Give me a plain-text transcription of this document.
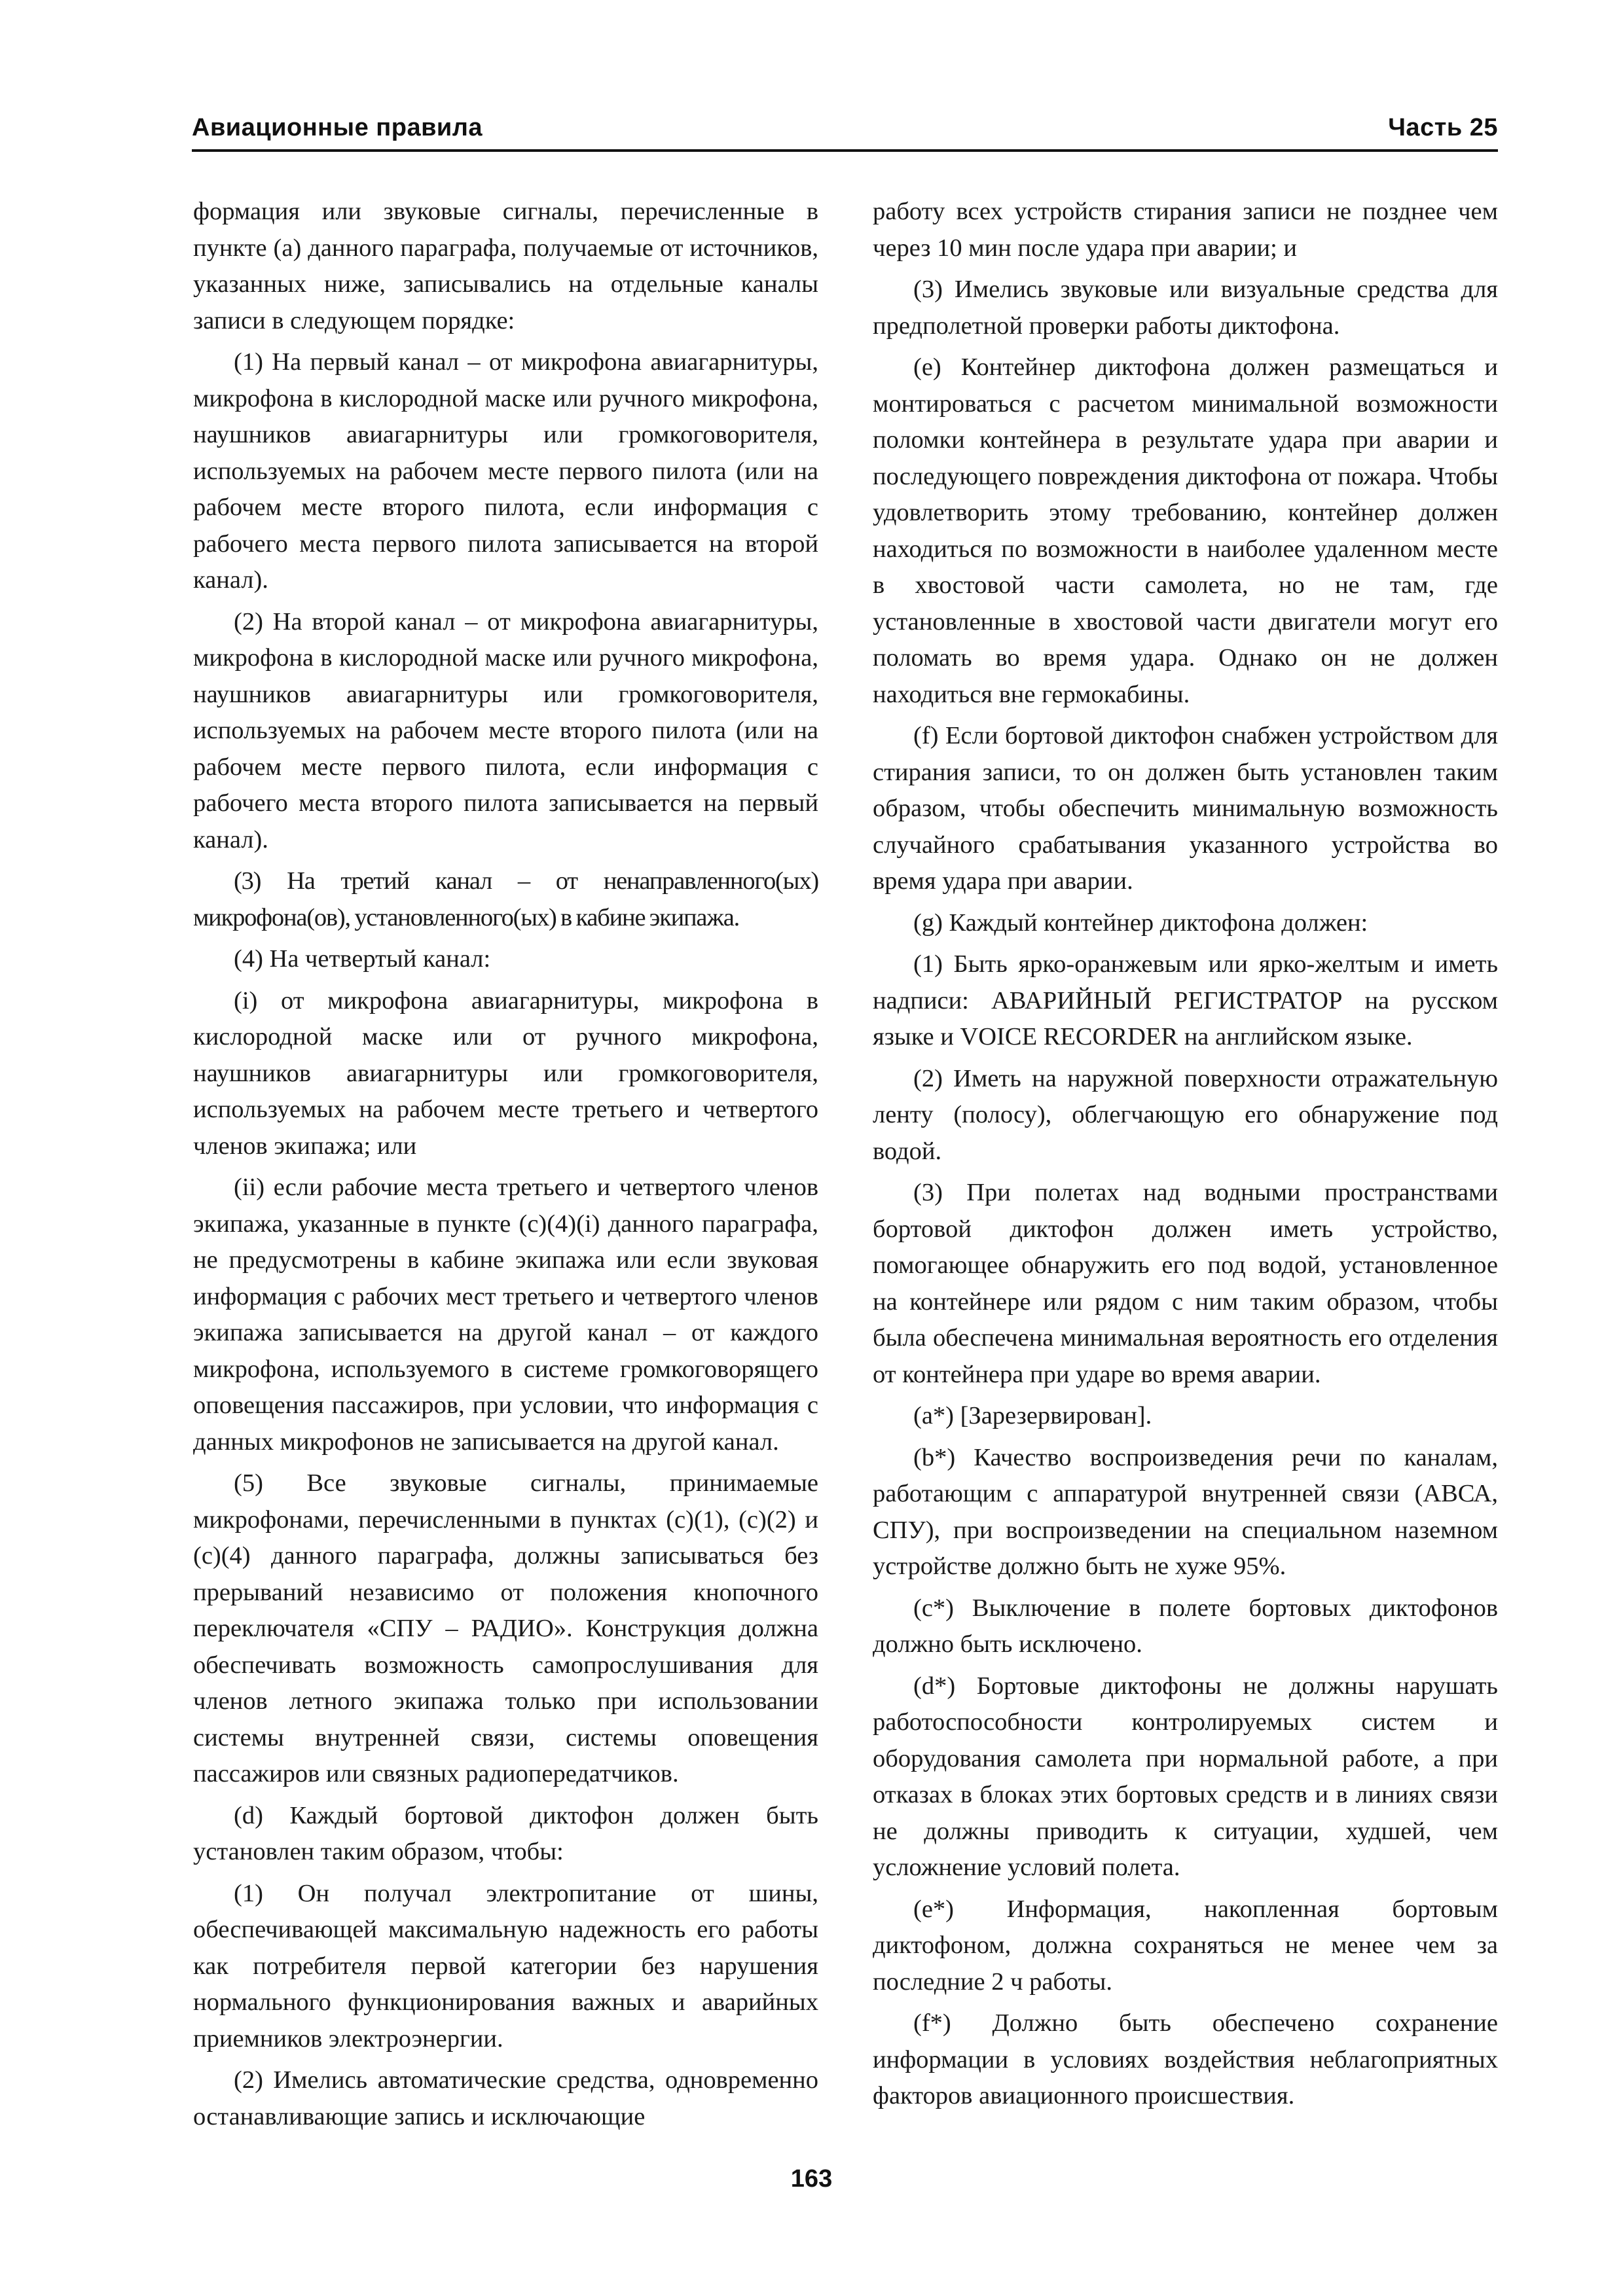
Авиационные правила	Часть 25

формация или звуковые сигналы, перечисленные в пункте (а) данного параграфа, получаемые от источников, указанных ниже, записывались на отдельные каналы записи в следующем порядке:

(1) На первый канал – от микрофона авиагарнитуры, микрофона в кислородной маске или ручного микрофона, наушников авиагарнитуры или громкоговорителя, используемых на рабочем месте первого пилота (или на рабочем месте второго пилота, если информация с рабочего места первого пилота записывается на второй канал).

(2) На второй канал – от микрофона авиагарнитуры, микрофона в кислородной маске или ручного микрофона, наушников авиагарнитуры или громкоговорителя, используемых на рабочем месте второго пилота (или на рабочем месте первого пилота, если информация с рабочего места второго пилота записывается на первый канал).

(3) На третий канал – от ненаправленного(ых) микрофона(ов), установленного(ых) в кабине экипажа.

(4) На четвертый канал:

(i) от микрофона авиагарнитуры, микрофона в кислородной маске или от ручного микрофона, наушников авиагарнитуры или громкоговорителя, используемых на рабочем месте третьего и четвертого членов экипажа; или

(ii) если рабочие места третьего и четвертого членов экипажа, указанные в пункте (с)(4)(i) данного параграфа, не предусмотрены в кабине экипажа или если звуковая информация с рабочих мест третьего и четвертого членов экипажа записывается на другой канал – от каждого микрофона, используемого в системе громкоговорящего оповещения пассажиров, при условии, что информация с данных микрофонов не записывается на другой канал.

(5) Все звуковые сигналы, принимаемые микрофонами, перечисленными в пунктах (с)(1), (с)(2) и (с)(4) данного параграфа, должны записываться без прерываний независимо от положения кнопочного переключателя «СПУ – РАДИО». Конструкция должна обеспечивать возможность самопрослушивания для членов летного экипажа только при использовании системы внутренней связи, системы оповещения пассажиров или связных радиопередатчиков.

(d) Каждый бортовой диктофон должен быть установлен таким образом, чтобы:

(1) Он получал электропитание от шины, обеспечивающей максимальную надежность его работы как потребителя первой категории без нарушения нормального функционирования важных и аварийных приемников электроэнергии.

(2) Имелись автоматические средства, одновременно останавливающие запись и исключающие

работу всех устройств стирания записи не позднее чем через 10 мин после удара при аварии; и

(3) Имелись звуковые или визуальные средства для предполетной проверки работы диктофона.

(е) Контейнер диктофона должен размещаться и монтироваться с расчетом минимальной возможности поломки контейнера в результате удара при аварии и последующего повреждения диктофона от пожара. Чтобы удовлетворить этому требованию, контейнер должен находиться по возможности в наиболее удаленном месте в хвостовой части самолета, но не там, где установленные в хвостовой части двигатели могут его поломать во время удара. Однако он не должен находиться вне гермокабины.

(f) Если бортовой диктофон снабжен устройством для стирания записи, то он должен быть установлен таким образом, чтобы обеспечить минимальную возможность случайного срабатывания указанного устройства во время удара при аварии.

(g) Каждый контейнер диктофона должен:

(1) Быть ярко-оранжевым или ярко-желтым и иметь надписи: АВАРИЙНЫЙ РЕГИСТРАТОР на русском языке и VOICE RECORDER на английском языке.

(2) Иметь на наружной поверхности отражательную ленту (полосу), облегчающую его обнаружение под водой.

(3) При полетах над водными пространствами бортовой диктофон должен иметь устройство, помогающее обнаружить его под водой, установленное на контейнере или рядом с ним таким образом, чтобы была обеспечена минимальная вероятность его отделения от контейнера при ударе во время аварии.

(а*) [Зарезервирован].

(b*) Качество воспроизведения речи по каналам, работающим с аппаратурой внутренней связи (АВСА, СПУ), при воспроизведении на специальном наземном устройстве должно быть не хуже 95%.

(с*) Выключение в полете бортовых диктофонов должно быть исключено.

(d*) Бортовые диктофоны не должны нарушать работоспособности контролируемых систем и оборудования самолета при нормальной работе, а при отказах в блоках этих бортовых средств и в линиях связи не должны приводить к ситуации, худшей, чем усложнение условий полета.

(е*) Информация, накопленная бортовым диктофоном, должна сохраняться не менее чем за последние 2 ч работы.

(f*) Должно быть обеспечено сохранение информации в условиях воздействия неблагоприятных факторов авиационного происшествия.

163
